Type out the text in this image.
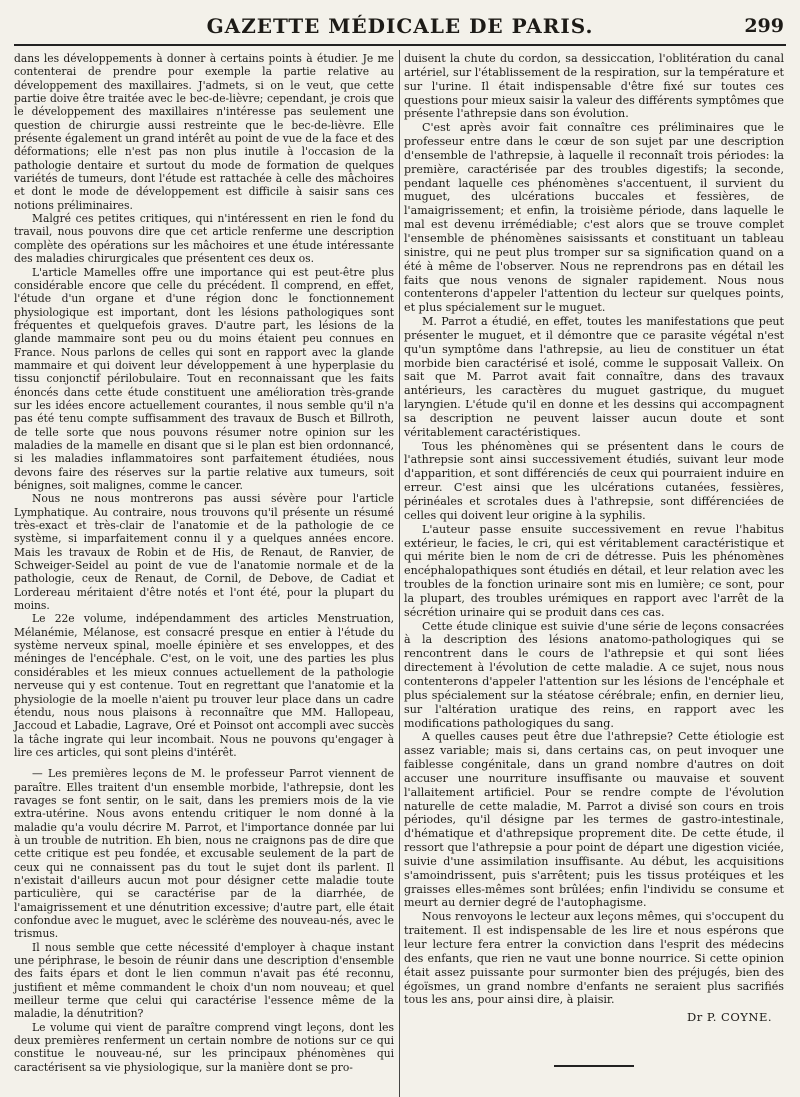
GAZETTE MÉDICALE DE PARIS.	299

dans les développements à donner à certains points à étudier. Je me contenterai de prendre pour exemple la partie relative au développement des maxillaires. J'admets, si on le veut, que cette partie doive être traitée avec le bec-de-lièvre; cependant, je crois que le développement des maxillaires n'intéresse pas seulement une question de chirurgie aussi restreinte que le bec-de-lièvre. Elle présente également un grand intérêt au point de vue de la face et des déformations; elle n'est pas non plus inutile à l'occasion de la pathologie dentaire et surtout du mode de formation de quelques variétés de tumeurs, dont l'étude est rattachée à celle des mâchoires et dont le mode de développement est difficile à saisir sans ces notions préliminaires.

Malgré ces petites critiques, qui n'intéressent en rien le fond du travail, nous pouvons dire que cet article renferme une description complète des opérations sur les mâchoires et une étude intéressante des maladies chirurgicales que présentent ces deux os.

L'article Mamelles offre une importance qui est peut-être plus considérable encore que celle du précédent. Il comprend, en effet, l'étude d'un organe et d'une région donc le fonctionnement physiologique est important, dont les lésions pathologiques sont fréquentes et quelquefois graves. D'autre part, les lésions de la glande mammaire sont peu ou du moins étaient peu connues en France. Nous parlons de celles qui sont en rapport avec la glande mammaire et qui doivent leur développement à une hyperplasie du tissu conjonctif périlobulaire. Tout en reconnaissant que les faits énoncés dans cette étude constituent une amélioration très-grande sur les idées encore actuellement courantes, il nous semble qu'il n'a pas été tenu compte suffisamment des travaux de Busch et Billroth, de telle sorte que nous pouvons résumer notre opinion sur les maladies de la mamelle en disant que si le plan est bien ordonnancé, si les maladies inflammatoires sont parfaitement étudiées, nous devons faire des réserves sur la partie relative aux tumeurs, soit bénignes, soit malignes, comme le cancer.

Nous ne nous montrerons pas aussi sévère pour l'article Lymphatique. Au contraire, nous trouvons qu'il présente un résumé très-exact et très-clair de l'anatomie et de la pathologie de ce système, si imparfaitement connu il y a quelques années encore. Mais les travaux de Robin et de His, de Renaut, de Ranvier, de Schweiger-Seidel au point de vue de l'anatomie normale et de la pathologie, ceux de Renaut, de Cornil, de Debove, de Cadiat et Lordereau méritaient d'être notés et l'ont été, pour la plupart du moins.

Le 22e volume, indépendamment des articles Menstruation, Mélanémie, Mélanose, est consacré presque en entier à l'étude du système nerveux spinal, moelle épinière et ses enveloppes, et des méninges de l'encéphale. C'est, on le voit, une des parties les plus considérables et les mieux connues actuellement de la pathologie nerveuse qui y est contenue. Tout en regrettant que l'anatomie et la physiologie de la moelle n'aient pu trouver leur place dans un cadre étendu, nous nous plaisons à reconnaître que MM. Hallopeau, Jaccoud et Labadie, Lagrave, Oré et Poinsot ont accompli avec succès la tâche ingrate qui leur incombait. Nous ne pouvons qu'engager à lire ces articles, qui sont pleins d'intérêt.

— Les premières leçons de M. le professeur Parrot viennent de paraître. Elles traitent d'un ensemble morbide, l'athrepsie, dont les ravages se font sentir, on le sait, dans les premiers mois de la vie extra-utérine. Nous avons entendu critiquer le nom donné à la maladie qu'a voulu décrire M. Parrot, et l'importance donnée par lui à un trouble de nutrition. Eh bien, nous ne craignons pas de dire que cette critique est peu fondée, et excusable seulement de la part de ceux qui ne connaissent pas du tout le sujet dont ils parlent. Il n'existait d'ailleurs aucun mot pour désigner cette maladie toute particulière, qui se caractérise par de la diarrhée, de l'amaigrissement et une dénutrition excessive; d'autre part, elle était confondue avec le muguet, avec le sclérème des nouveau-nés, avec le trismus.

Il nous semble que cette nécessité d'employer à chaque instant une périphrase, le besoin de réunir dans une description d'ensemble des faits épars et dont le lien commun n'avait pas été reconnu, justifient et même commandent le choix d'un nom nouveau; et quel meilleur terme que celui qui caractérise l'essence même de la maladie, la dénutrition?

Le volume qui vient de paraître comprend vingt leçons, dont les deux premières renferment un certain nombre de notions sur ce qui constitue le nouveau-né, sur les principaux phénomènes qui caractérisent sa vie physiologique, sur la manière dont se pro-

duisent la chute du cordon, sa dessiccation, l'oblitération du canal artériel, sur l'établissement de la respiration, sur la température et sur l'urine. Il était indispensable d'être fixé sur toutes ces questions pour mieux saisir la valeur des différents symptômes que présente l'athrepsie dans son évolution.

C'est après avoir fait connaître ces préliminaires que le professeur entre dans le cœur de son sujet par une description d'ensemble de l'athrepsie, à laquelle il reconnaît trois périodes: la première, caractérisée par des troubles digestifs; la seconde, pendant laquelle ces phénomènes s'accentuent, il survient du muguet, des ulcérations buccales et fessières, de l'amaigrissement; et enfin, la troisième période, dans laquelle le mal est devenu irrémédiable; c'est alors que se trouve complet l'ensemble de phénomènes saisissants et constituant un tableau sinistre, qui ne peut plus tromper sur sa signification quand on a été à même de l'observer. Nous ne reprendrons pas en détail les faits que nous venons de signaler rapidement. Nous nous contenterons d'appeler l'attention du lecteur sur quelques points, et plus spécialement sur le muguet.

M. Parrot a étudié, en effet, toutes les manifestations que peut présenter le muguet, et il démontre que ce parasite végétal n'est qu'un symptôme dans l'athrepsie, au lieu de constituer un état morbide bien caractérisé et isolé, comme le supposait Valleix. On sait que M. Parrot avait fait connaître, dans des travaux antérieurs, les caractères du muguet gastrique, du muguet laryngien. L'étude qu'il en donne et les dessins qui accompagnent sa description ne peuvent laisser aucun doute et sont véritablement caractéristiques.

Tous les phénomènes qui se présentent dans le cours de l'athrepsie sont ainsi successivement étudiés, suivant leur mode d'apparition, et sont différenciés de ceux qui pourraient induire en erreur. C'est ainsi que les ulcérations cutanées, fessières, périnéales et scrotales dues à l'athrepsie, sont différenciées de celles qui doivent leur origine à la syphilis.

L'auteur passe ensuite successivement en revue l'habitus extérieur, le facies, le cri, qui est véritablement caractéristique et qui mérite bien le nom de cri de détresse. Puis les phénomènes encéphalopathiques sont étudiés en détail, et leur relation avec les troubles de la fonction urinaire sont mis en lumière; ce sont, pour la plupart, des troubles urémiques en rapport avec l'arrêt de la sécrétion urinaire qui se produit dans ces cas.

Cette étude clinique est suivie d'une série de leçons consacrées à la description des lésions anatomo-pathologiques qui se rencontrent dans le cours de l'athrepsie et qui sont liées directement à l'évolution de cette maladie. A ce sujet, nous nous contenterons d'appeler l'attention sur les lésions de l'encéphale et plus spécialement sur la stéatose cérébrale; enfin, en dernier lieu, sur l'altération uratique des reins, en rapport avec les modifications pathologiques du sang.

A quelles causes peut être due l'athrepsie? Cette étiologie est assez variable; mais si, dans certains cas, on peut invoquer une faiblesse congénitale, dans un grand nombre d'autres on doit accuser une nourriture insuffisante ou mauvaise et souvent l'allaitement artificiel. Pour se rendre compte de l'évolution naturelle de cette maladie, M. Parrot a divisé son cours en trois périodes, qu'il désigne par les termes de gastro-intestinale, d'hématique et d'athrepsique proprement dite. De cette étude, il ressort que l'athrepsie a pour point de départ une digestion viciée, suivie d'une assimilation insuffisante. Au début, les acquisitions s'amoindrissent, puis s'arrêtent; puis les tissus protéiques et les graisses elles-mêmes sont brûlées; enfin l'individu se consume et meurt au dernier degré de l'autophagisme.

Nous renvoyons le lecteur aux leçons mêmes, qui s'occupent du traitement. Il est indispensable de les lire et nous espérons que leur lecture fera entrer la conviction dans l'esprit des médecins des enfants, que rien ne vaut une bonne nourrice. Si cette opinion était assez puissante pour surmonter bien des préjugés, bien des égoïsmes, un grand nombre d'enfants ne seraient plus sacrifiés tous les ans, pour ainsi dire, à plaisir.

Dr P. COYNE.
